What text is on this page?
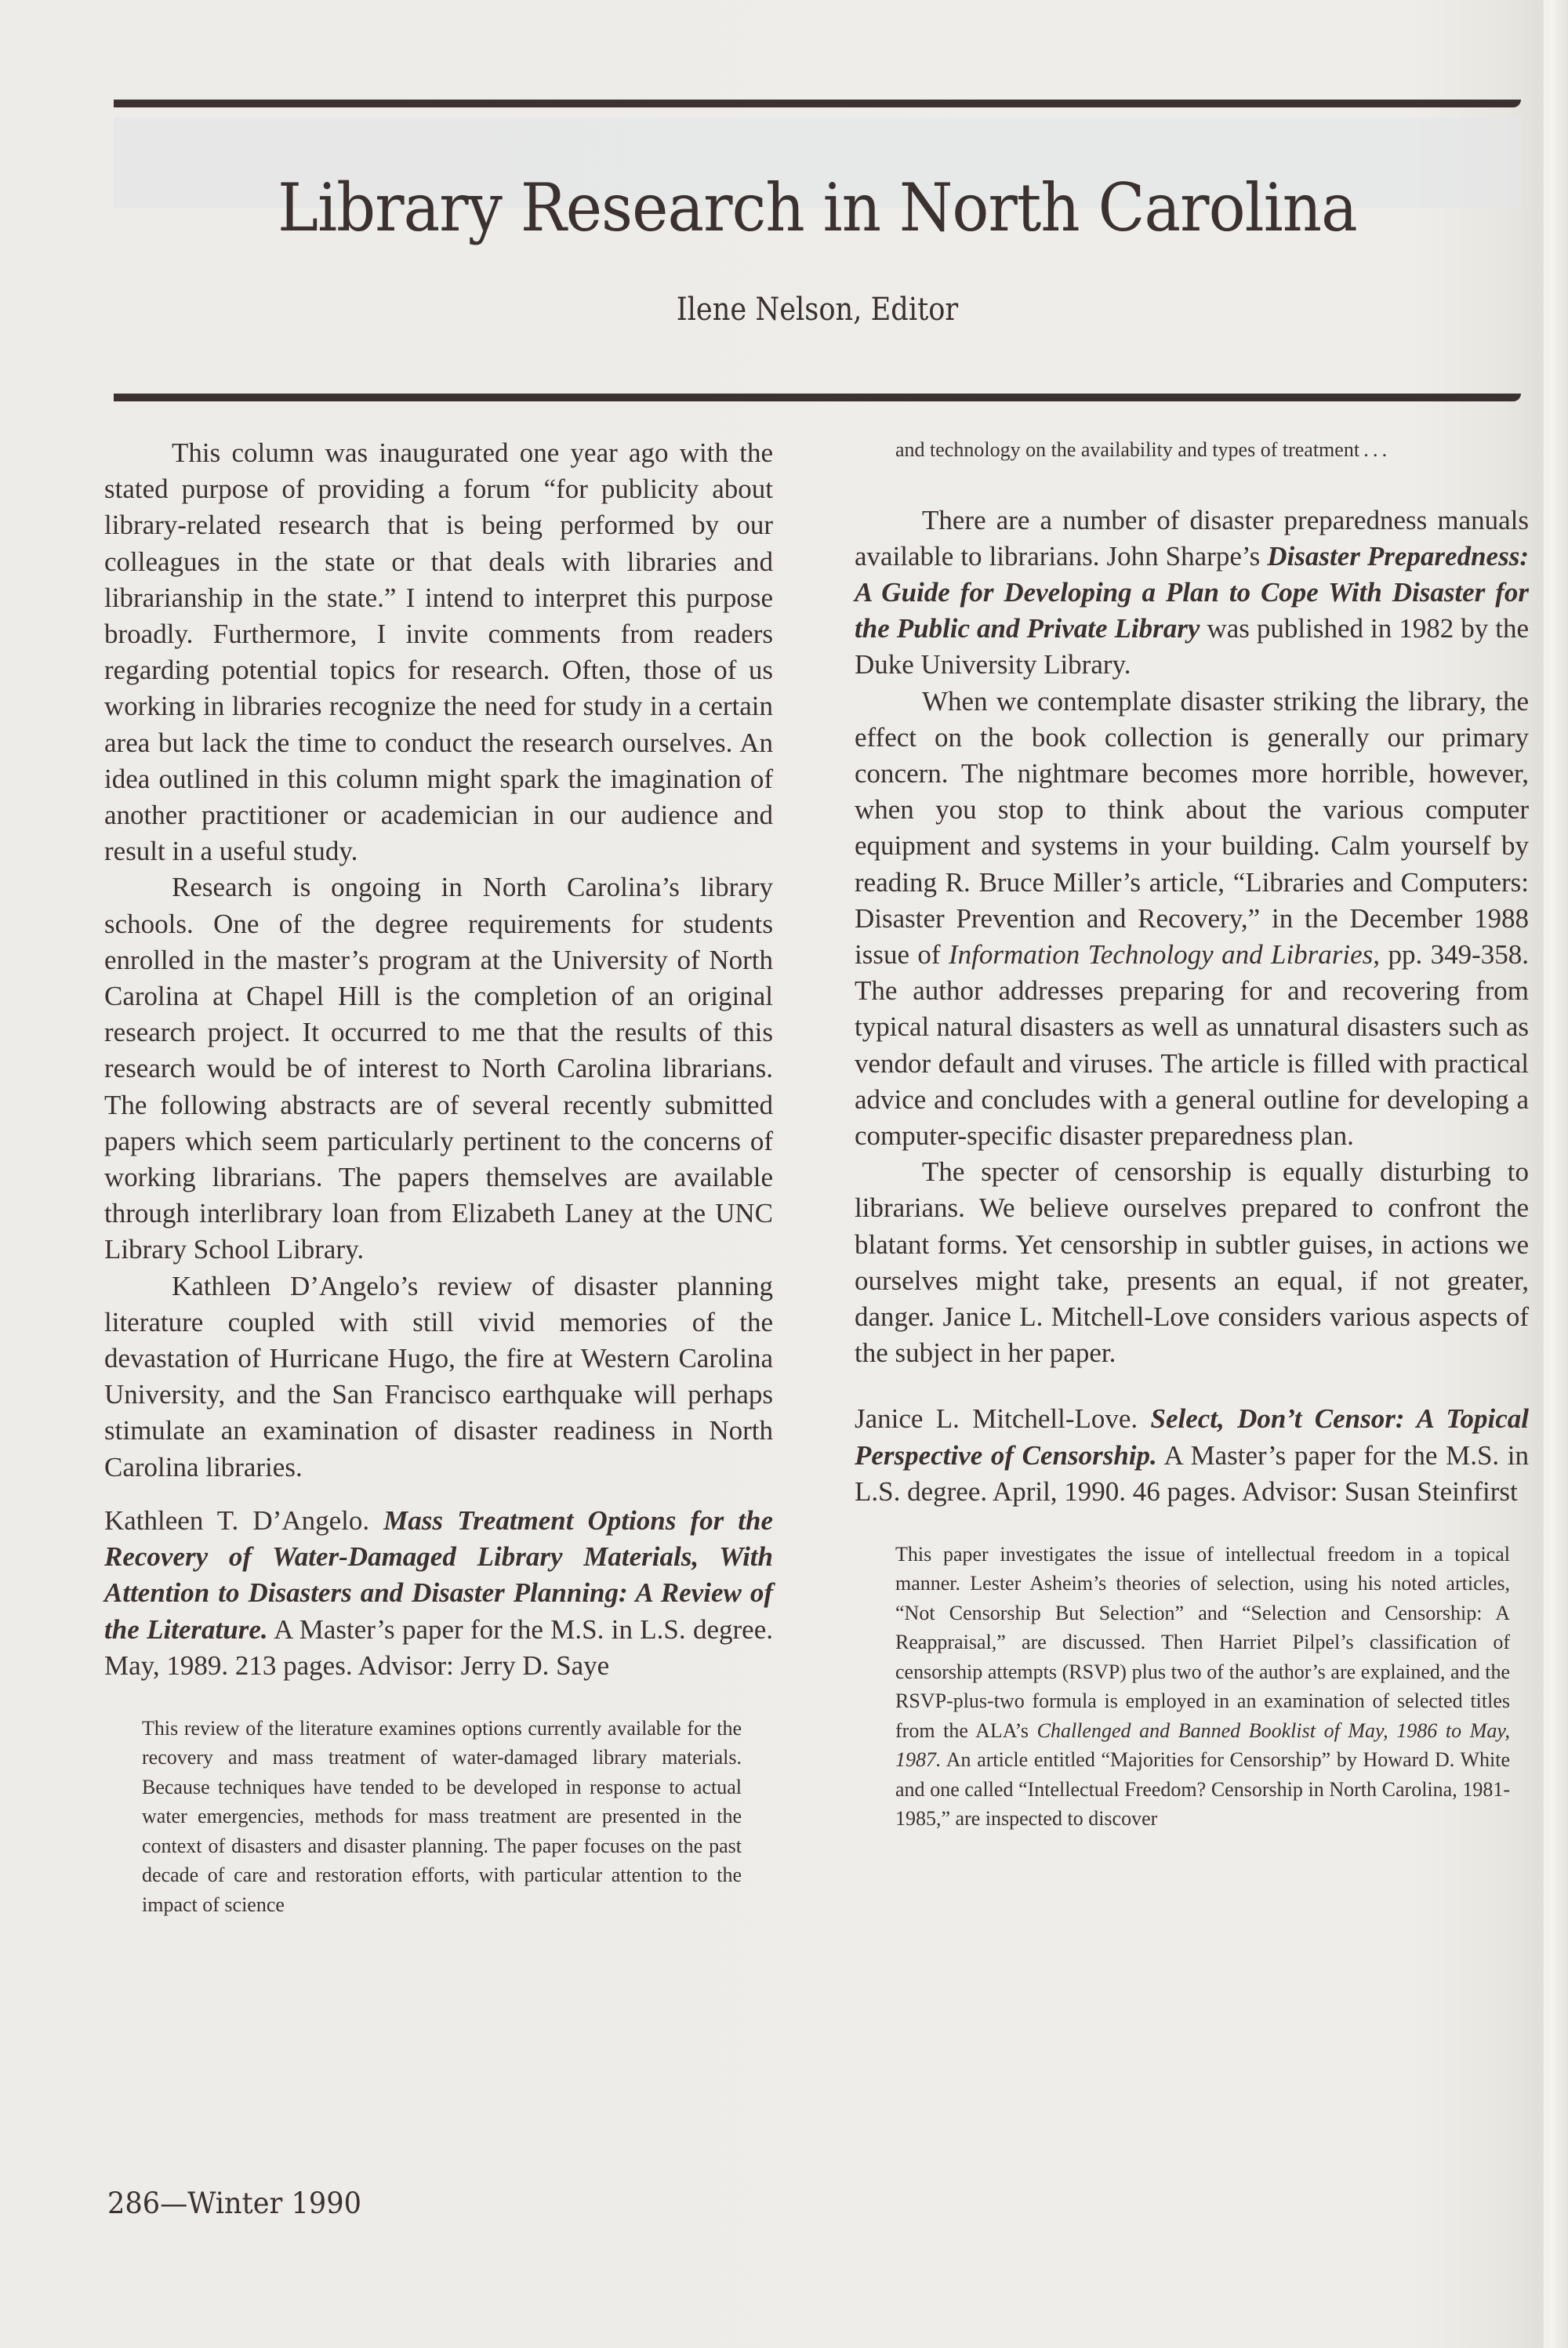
Library Research in North Carolina
Ilene Nelson, Editor

This column was inaugurated one year ago with the stated purpose of providing a forum “for publicity about library-related research that is being performed by our colleagues in the state or that deals with libraries and librarianship in the state.” I intend to interpret this purpose broadly. Furthermore, I invite comments from readers regarding potential topics for research. Often, those of us working in libraries recognize the need for study in a certain area but lack the time to conduct the research ourselves. An idea outlined in this column might spark the imagination of another practitioner or academician in our audience and result in a useful study.

Research is ongoing in North Carolina’s library schools. One of the degree requirements for students enrolled in the master’s program at the University of North Carolina at Chapel Hill is the completion of an original research project. It occurred to me that the results of this research would be of interest to North Carolina librarians. The following abstracts are of several recently submitted papers which seem particularly pertinent to the concerns of working librarians. The papers themselves are available through interlibrary loan from Elizabeth Laney at the UNC Library School Library.

Kathleen D’Angelo’s review of disaster planning literature coupled with still vivid memories of the devastation of Hurricane Hugo, the fire at Western Carolina University, and the San Francisco earthquake will perhaps stimulate an examination of disaster readiness in North Carolina libraries.

Kathleen T. D’Angelo. Mass Treatment Options for the Recovery of Water-Damaged Library Materials, With Attention to Disasters and Disaster Planning: A Review of the Literature. A Master’s paper for the M.S. in L.S. degree. May, 1989. 213 pages. Advisor: Jerry D. Saye

This review of the literature examines options currently available for the recovery and mass treatment of water-damaged library materials. Because techniques have tended to be developed in response to actual water emergencies, methods for mass treatment are presented in the context of disasters and disaster planning. The paper focuses on the past decade of care and restoration efforts, with particular attention to the impact of science

and technology on the availability and types of treatment . . .

There are a number of disaster preparedness manuals available to librarians. John Sharpe’s Disaster Preparedness: A Guide for Developing a Plan to Cope With Disaster for the Public and Private Library was published in 1982 by the Duke University Library.

When we contemplate disaster striking the library, the effect on the book collection is generally our primary concern. The nightmare becomes more horrible, however, when you stop to think about the various computer equipment and systems in your building. Calm yourself by reading R. Bruce Miller’s article, “Libraries and Computers: Disaster Prevention and Recovery,” in the December 1988 issue of Information Technology and Libraries, pp. 349-358. The author addresses preparing for and recovering from typical natural disasters as well as unnatural disasters such as vendor default and viruses. The article is filled with practical advice and concludes with a general outline for developing a computer-specific disaster preparedness plan.

The specter of censorship is equally disturbing to librarians. We believe ourselves prepared to confront the blatant forms. Yet censorship in subtler guises, in actions we ourselves might take, presents an equal, if not greater, danger. Janice L. Mitchell-Love considers various aspects of the subject in her paper.

Janice L. Mitchell-Love. Select, Don’t Censor: A Topical Perspective of Censorship. A Master’s paper for the M.S. in L.S. degree. April, 1990. 46 pages. Advisor: Susan Steinfirst

This paper investigates the issue of intellectual freedom in a topical manner. Lester Asheim’s theories of selection, using his noted articles, “Not Censorship But Selection” and “Selection and Censorship: A Reappraisal,” are discussed. Then Harriet Pilpel’s classification of censorship attempts (RSVP) plus two of the author’s are explained, and the RSVP-plus-two formula is employed in an examination of selected titles from the ALA’s Challenged and Banned Booklist of May, 1986 to May, 1987. An article entitled “Majorities for Censorship” by Howard D. White and one called “Intellectual Freedom? Censorship in North Carolina, 1981-1985,” are inspected to discover

286—Winter 1990
